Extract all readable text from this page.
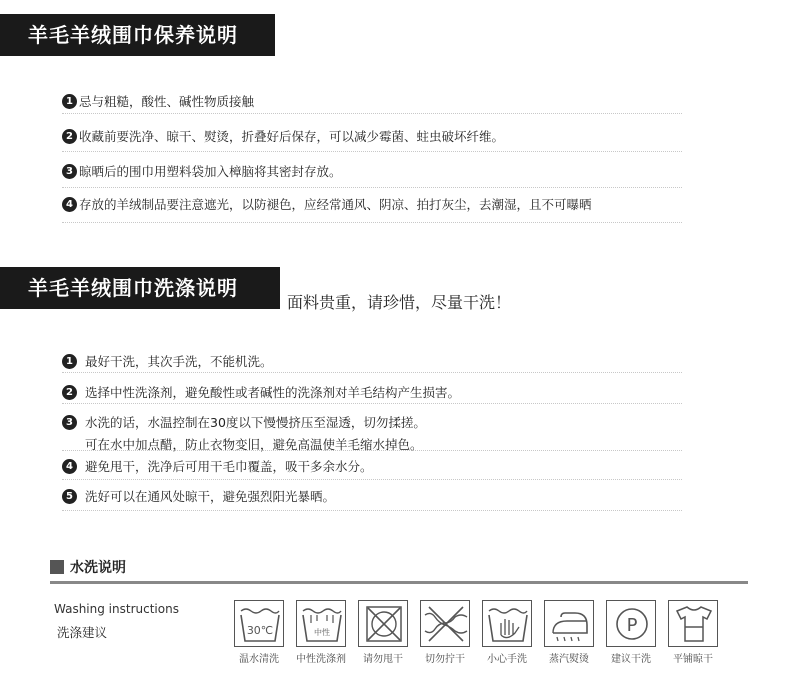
羊毛羊绒围巾保养说明
1 忌与粗糙，酸性、碱性物质接触
2 收藏前要洗净、晾干、熨烫，折叠好后保存，可以减少霉菌、蛀虫破坏纤维。
3 晾晒后的围巾用塑料袋加入樟脑将其密封存放。
4 存放的羊绒制品要注意遮光，以防褪色，应经常通风、阴凉、拍打灰尘，去潮湿，且不可曝晒
羊毛羊绒围巾洗涤说明
面料贵重，请珍惜，尽量干洗！
1 最好干洗，其次手洗，不能机洗。
2 选择中性洗涤剂，避免酸性或者碱性的洗涤剂对羊毛结构产生损害。
3 水洗的话，水温控制在30度以下慢慢挤压至湿透，切勿揉搓。
可在水中加点醋，防止衣物变旧，避免高温使羊毛缩水掉色。
4 避免甩干，洗净后可用干毛巾覆盖，吸干多余水分。
5 洗好可以在通风处晾干，避免强烈阳光暴晒。
水洗说明
Washing instructions
洗涤建议	30℃
温水清洗
中性
中性洗涤剂	请勿甩干	切勿拧干	小心手洗	蒸汽熨烫
P
建议干洗	平铺晾干
